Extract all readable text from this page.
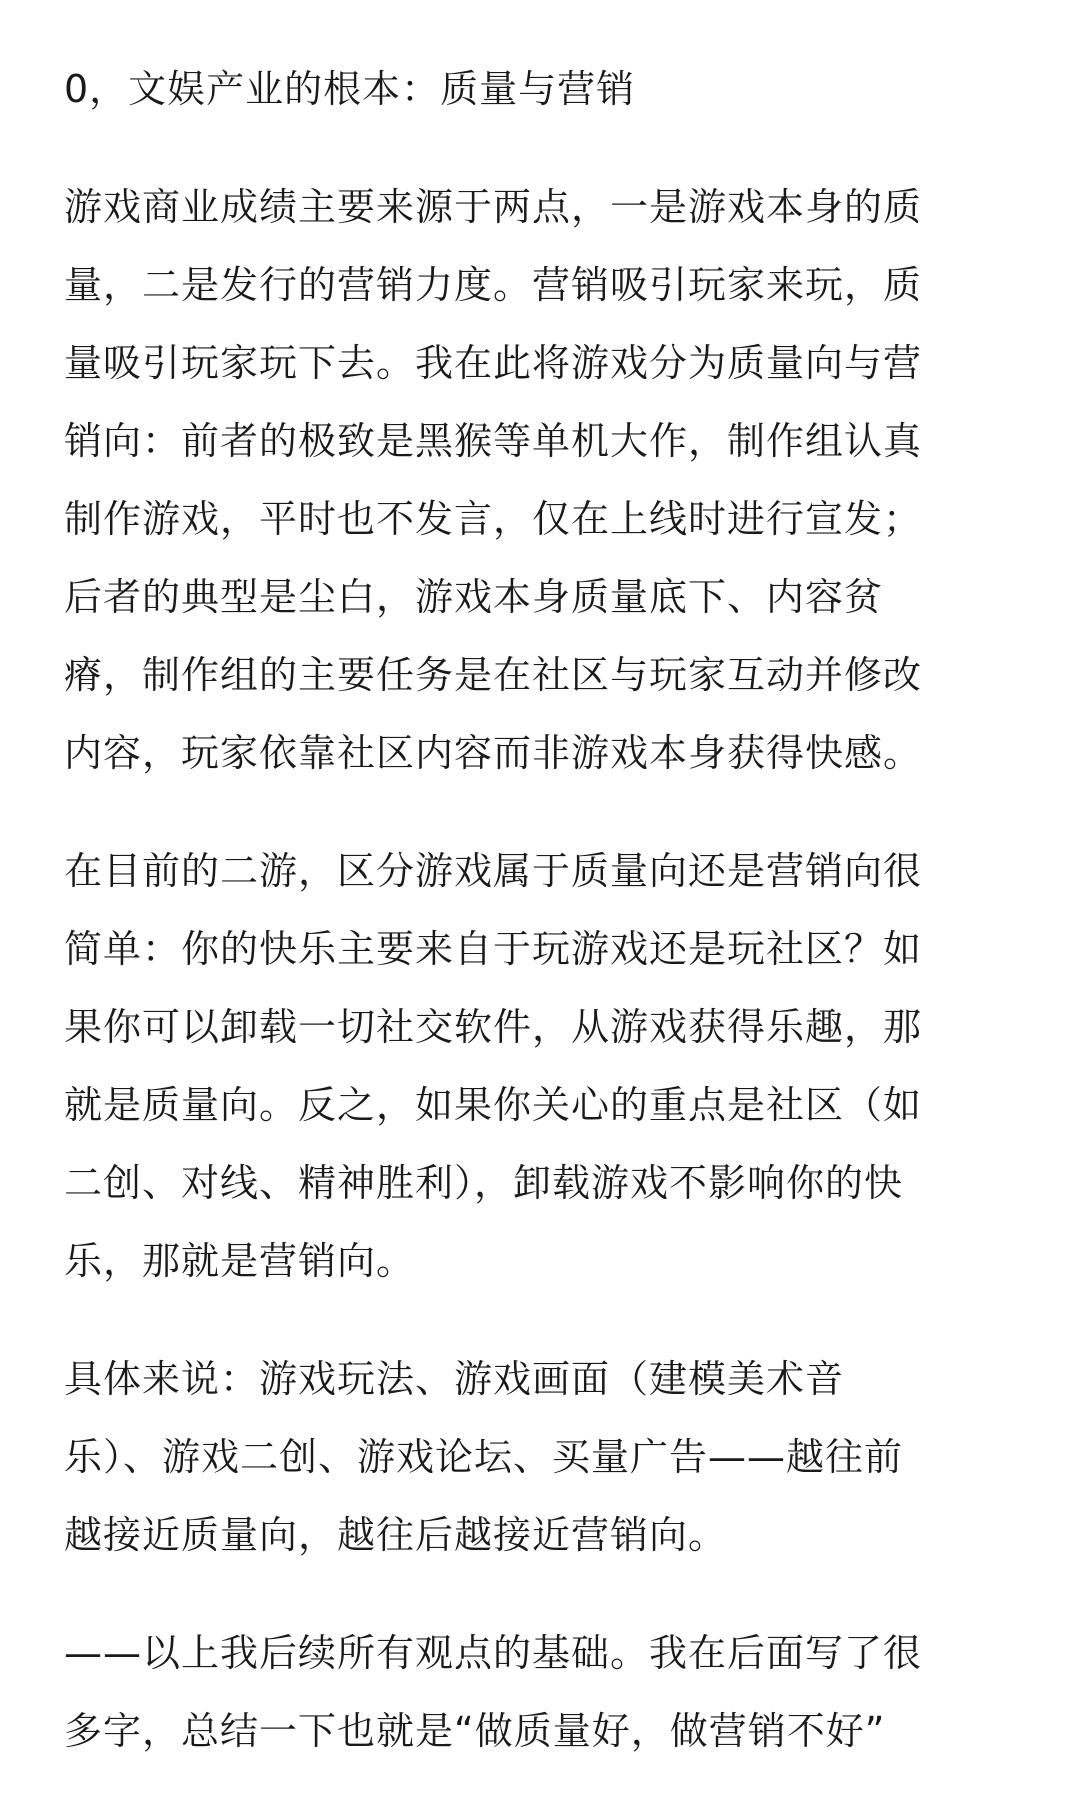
0，文娱产业的根本：质量与营销

游戏商业成绩主要来源于两点，一是游戏本身的质
量，二是发行的营销力度。营销吸引玩家来玩，质
量吸引玩家玩下去。我在此将游戏分为质量向与营
销向：前者的极致是黑猴等单机大作，制作组认真
制作游戏，平时也不发言，仅在上线时进行宣发；
后者的典型是尘白，游戏本身质量底下、内容贫
瘠，制作组的主要任务是在社区与玩家互动并修改
内容，玩家依靠社区内容而非游戏本身获得快感。

在目前的二游，区分游戏属于质量向还是营销向很
简单：你的快乐主要来自于玩游戏还是玩社区？如
果你可以卸载一切社交软件，从游戏获得乐趣，那
就是质量向。反之，如果你关心的重点是社区（如
二创、对线、精神胜利），卸载游戏不影响你的快
乐，那就是营销向。

具体来说：游戏玩法、游戏画面（建模美术音
乐）、游戏二创、游戏论坛、买量广告——越往前
越接近质量向，越往后越接近营销向。

——以上我后续所有观点的基础。我在后面写了很
多字，总结一下也就是“做质量好，做营销不好”
